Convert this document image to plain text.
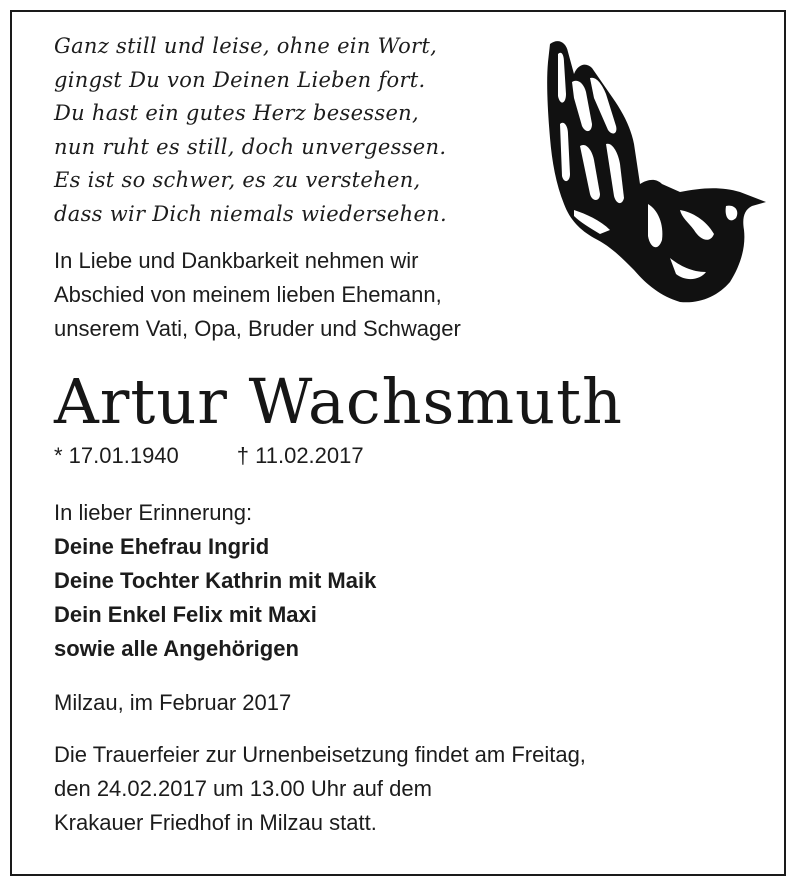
Ganz still und leise, ohne ein Wort,
gingst Du von Deinen Lieben fort.
Du hast ein gutes Herz besessen,
nun ruht es still, doch unvergessen.
Es ist so schwer, es zu verstehen,
dass wir Dich niemals wiedersehen.
In Liebe und Dankbarkeit nehmen wir
Abschied von meinem lieben Ehemann,
unserem Vati, Opa, Bruder und Schwager
Artur Wachsmuth
* 17.01.1940	† 11.02.2017
In lieber Erinnerung:
Deine Ehefrau Ingrid
Deine Tochter Kathrin mit Maik
Dein Enkel Felix mit Maxi
sowie alle Angehörigen
Milzau, im Februar 2017
Die Trauerfeier zur Urnenbeisetzung findet am Freitag,
den 24.02.2017 um 13.00 Uhr auf dem
Krakauer Friedhof in Milzau statt.
